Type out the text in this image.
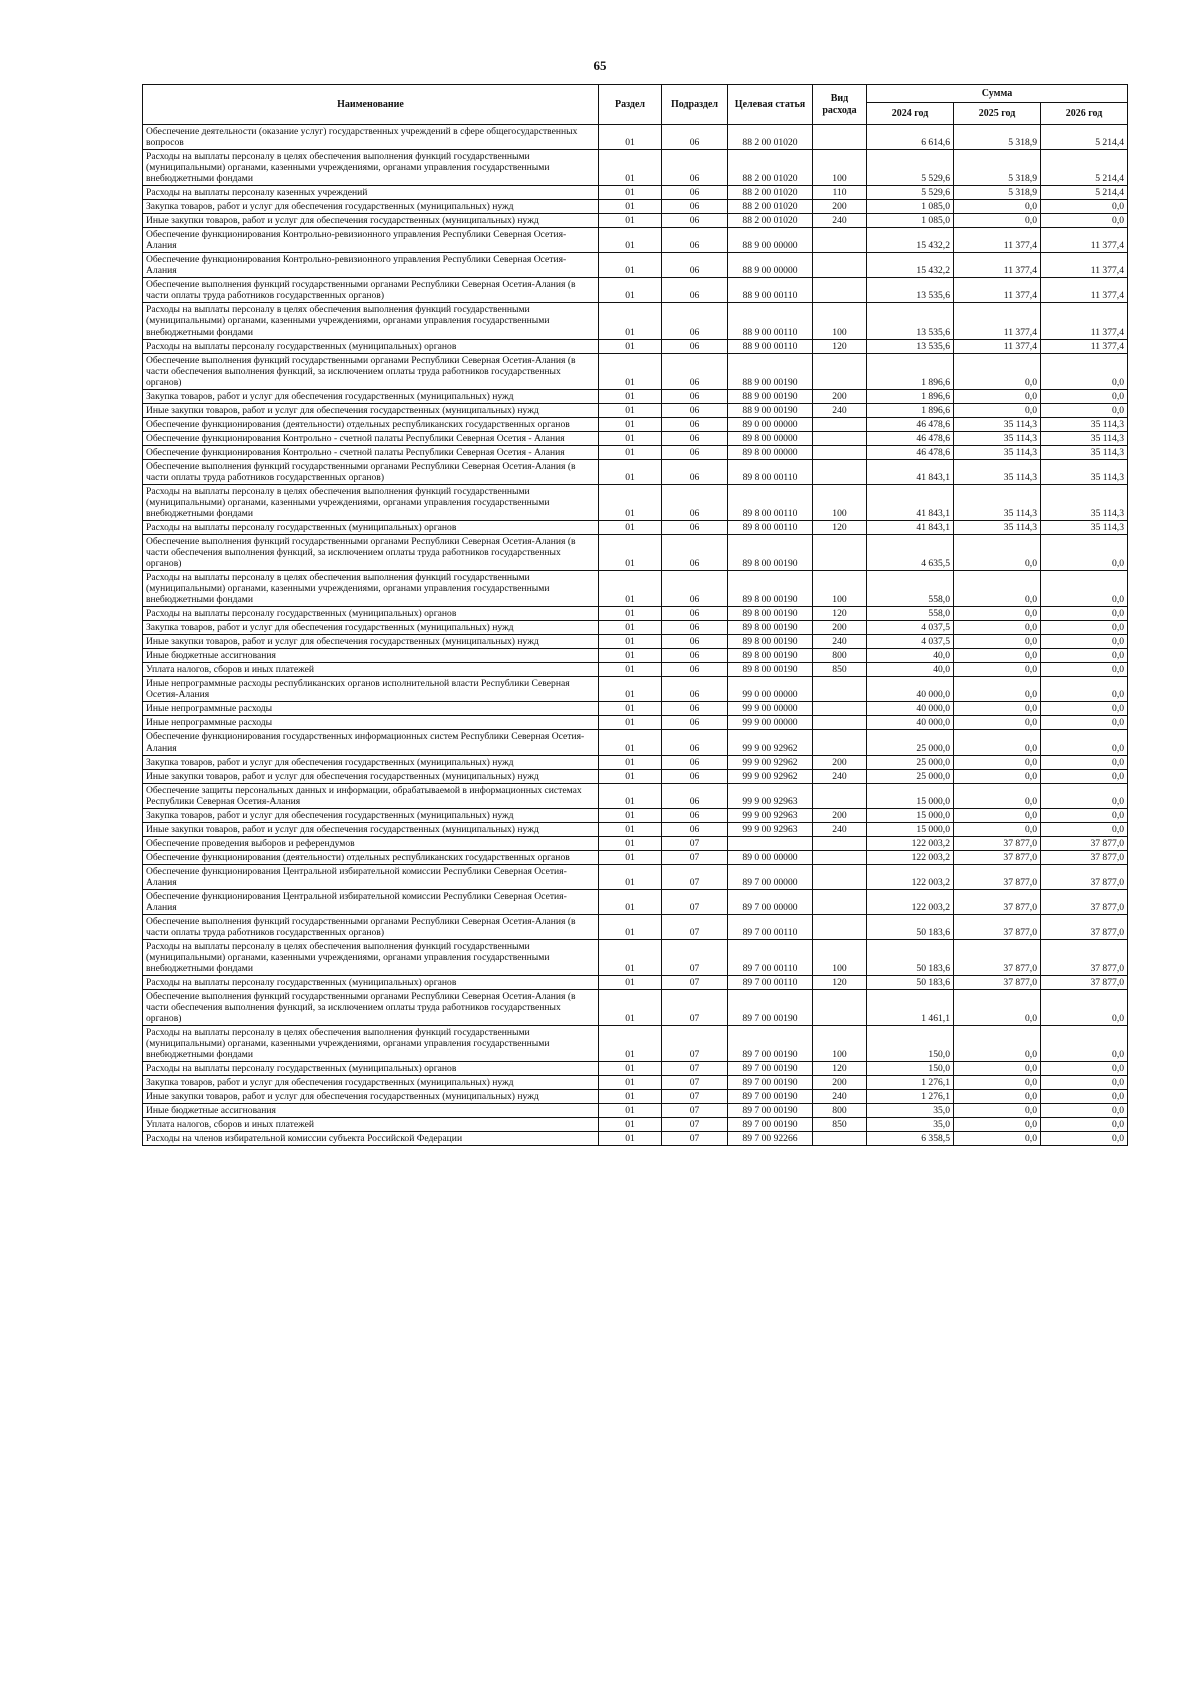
65
Наименование	Раздел	Подраздел	Целевая статья	Вид расхода	Сумма		
					2024 год	2025 год	2026 год
Обеспечение деятельности (оказание услуг) государственных учреждений в сфере общегосударственных вопросов	01	06	88 2 00 01020		6 614,6	5 318,9	5 214,4
Расходы на выплаты персоналу в целях обеспечения выполнения функций государственными (муниципальными) органами, казенными учреждениями, органами управления государственными внебюджетными фондами	01	06	88 2 00 01020	100	5 529,6	5 318,9	5 214,4
Расходы на выплаты персоналу казенных учреждений	01	06	88 2 00 01020	110	5 529,6	5 318,9	5 214,4
Закупка товаров, работ и услуг для обеспечения государственных (муниципальных) нужд	01	06	88 2 00 01020	200	1 085,0	0,0	0,0
Иные закупки товаров, работ и услуг для обеспечения государственных (муниципальных) нужд	01	06	88 2 00 01020	240	1 085,0	0,0	0,0
Обеспечение функционирования Контрольно-ревизионного управления Республики Северная Осетия-Алания	01	06	88 9 00 00000		15 432,2	11 377,4	11 377,4
Обеспечение функционирования Контрольно-ревизионного управления Республики Северная Осетия-Алания	01	06	88 9 00 00000		15 432,2	11 377,4	11 377,4
Обеспечение выполнения функций государственными органами Республики Северная Осетия-Алания (в части оплаты труда работников государственных органов)	01	06	88 9 00 00110		13 535,6	11 377,4	11 377,4
Расходы на выплаты персоналу в целях обеспечения выполнения функций государственными (муниципальными) органами, казенными учреждениями, органами управления государственными внебюджетными фондами	01	06	88 9 00 00110	100	13 535,6	11 377,4	11 377,4
Расходы на выплаты персоналу государственных (муниципальных) органов	01	06	88 9 00 00110	120	13 535,6	11 377,4	11 377,4
Обеспечение выполнения функций государственными органами Республики Северная Осетия-Алания (в части обеспечения выполнения функций, за исключением оплаты труда работников государственных органов)	01	06	88 9 00 00190		1 896,6	0,0	0,0
Закупка товаров, работ и услуг для обеспечения государственных (муниципальных) нужд	01	06	88 9 00 00190	200	1 896,6	0,0	0,0
Иные закупки товаров, работ и услуг для обеспечения государственных (муниципальных) нужд	01	06	88 9 00 00190	240	1 896,6	0,0	0,0
Обеспечение функционирования (деятельности) отдельных республиканских государственных органов	01	06	89 0 00 00000		46 478,6	35 114,3	35 114,3
Обеспечение функционирования Контрольно - счетной палаты Республики Северная Осетия - Алания	01	06	89 8 00 00000		46 478,6	35 114,3	35 114,3
Обеспечение функционирования Контрольно - счетной палаты Республики Северная Осетия - Алания	01	06	89 8 00 00000		46 478,6	35 114,3	35 114,3
Обеспечение выполнения функций государственными органами Республики Северная Осетия-Алания (в части оплаты труда работников государственных органов)	01	06	89 8 00 00110		41 843,1	35 114,3	35 114,3
Расходы на выплаты персоналу в целях обеспечения выполнения функций государственными (муниципальными) органами, казенными учреждениями, органами управления государственными внебюджетными фондами	01	06	89 8 00 00110	100	41 843,1	35 114,3	35 114,3
Расходы на выплаты персоналу государственных (муниципальных) органов	01	06	89 8 00 00110	120	41 843,1	35 114,3	35 114,3
Обеспечение выполнения функций государственными органами Республики Северная Осетия-Алания (в части обеспечения выполнения функций, за исключением оплаты труда работников государственных органов)	01	06	89 8 00 00190		4 635,5	0,0	0,0
Расходы на выплаты персоналу в целях обеспечения выполнения функций государственными (муниципальными) органами, казенными учреждениями, органами управления государственными внебюджетными фондами	01	06	89 8 00 00190	100	558,0	0,0	0,0
Расходы на выплаты персоналу государственных (муниципальных) органов	01	06	89 8 00 00190	120	558,0	0,0	0,0
Закупка товаров, работ и услуг для обеспечения государственных (муниципальных) нужд	01	06	89 8 00 00190	200	4 037,5	0,0	0,0
Иные закупки товаров, работ и услуг для обеспечения государственных (муниципальных) нужд	01	06	89 8 00 00190	240	4 037,5	0,0	0,0
Иные бюджетные ассигнования	01	06	89 8 00 00190	800	40,0	0,0	0,0
Уплата налогов, сборов и иных платежей	01	06	89 8 00 00190	850	40,0	0,0	0,0
Иные непрограммные расходы республиканских органов исполнительной власти Республики Северная Осетия-Алания	01	06	99 0 00 00000		40 000,0	0,0	0,0
Иные непрограммные расходы	01	06	99 9 00 00000		40 000,0	0,0	0,0
Иные непрограммные расходы	01	06	99 9 00 00000		40 000,0	0,0	0,0
Обеспечение функционирования государственных информационных систем Республики Северная Осетия-Алания	01	06	99 9 00 92962		25 000,0	0,0	0,0
Закупка товаров, работ и услуг для обеспечения государственных (муниципальных) нужд	01	06	99 9 00 92962	200	25 000,0	0,0	0,0
Иные закупки товаров, работ и услуг для обеспечения государственных (муниципальных) нужд	01	06	99 9 00 92962	240	25 000,0	0,0	0,0
Обеспечение защиты персональных данных и информации, обрабатываемой в информационных системах Республики Северная Осетия-Алания	01	06	99 9 00 92963		15 000,0	0,0	0,0
Закупка товаров, работ и услуг для обеспечения государственных (муниципальных) нужд	01	06	99 9 00 92963	200	15 000,0	0,0	0,0
Иные закупки товаров, работ и услуг для обеспечения государственных (муниципальных) нужд	01	06	99 9 00 92963	240	15 000,0	0,0	0,0
Обеспечение проведения выборов и референдумов	01	07			122 003,2	37 877,0	37 877,0
Обеспечение функционирования (деятельности) отдельных республиканских государственных органов	01	07	89 0 00 00000		122 003,2	37 877,0	37 877,0
Обеспечение функционирования Центральной избирательной комиссии Республики Северная Осетия-Алания	01	07	89 7 00 00000		122 003,2	37 877,0	37 877,0
Обеспечение функционирования Центральной избирательной комиссии Республики Северная Осетия-Алания	01	07	89 7 00 00000		122 003,2	37 877,0	37 877,0
Обеспечение выполнения функций государственными органами Республики Северная Осетия-Алания (в части оплаты труда работников государственных органов)	01	07	89 7 00 00110		50 183,6	37 877,0	37 877,0
Расходы на выплаты персоналу в целях обеспечения выполнения функций государственными (муниципальными) органами, казенными учреждениями, органами управления государственными внебюджетными фондами	01	07	89 7 00 00110	100	50 183,6	37 877,0	37 877,0
Расходы на выплаты персоналу государственных (муниципальных) органов	01	07	89 7 00 00110	120	50 183,6	37 877,0	37 877,0
Обеспечение выполнения функций государственными органами Республики Северная Осетия-Алания (в части обеспечения выполнения функций, за исключением оплаты труда работников государственных органов)	01	07	89 7 00 00190		1 461,1	0,0	0,0
Расходы на выплаты персоналу в целях обеспечения выполнения функций государственными (муниципальными) органами, казенными учреждениями, органами управления государственными внебюджетными фондами	01	07	89 7 00 00190	100	150,0	0,0	0,0
Расходы на выплаты персоналу государственных (муниципальных) органов	01	07	89 7 00 00190	120	150,0	0,0	0,0
Закупка товаров, работ и услуг для обеспечения государственных (муниципальных) нужд	01	07	89 7 00 00190	200	1 276,1	0,0	0,0
Иные закупки товаров, работ и услуг для обеспечения государственных (муниципальных) нужд	01	07	89 7 00 00190	240	1 276,1	0,0	0,0
Иные бюджетные ассигнования	01	07	89 7 00 00190	800	35,0	0,0	0,0
Уплата налогов, сборов и иных платежей	01	07	89 7 00 00190	850	35,0	0,0	0,0
Расходы на членов избирательной комиссии субъекта Российской Федерации	01	07	89 7 00 92266		6 358,5	0,0	0,0
